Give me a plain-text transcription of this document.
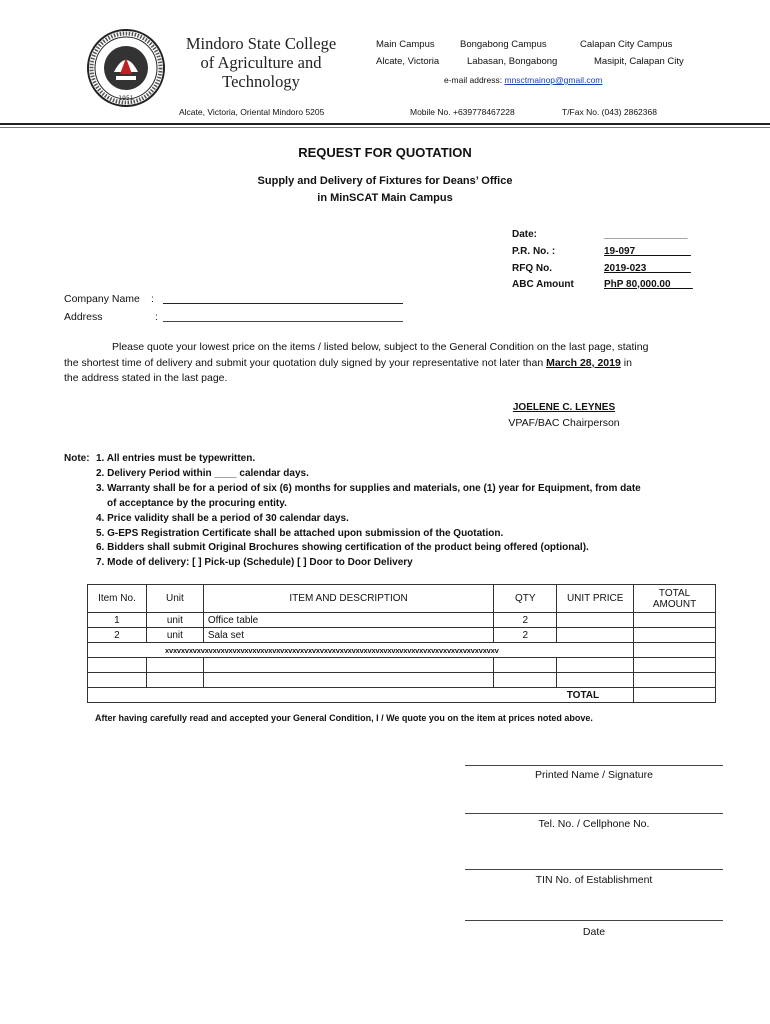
1951
Mindoro State College
of Agriculture and
Technology
Main Campus	Bongabong Campus	Calapan City Campus
Alcate, Victoria	Labasan, Bongabong	Masipit, Calapan City
e-mail address: mnsctmainop@gmail.com
Alcate, Victoria, Oriental Mindoro 5205	Mobile No. +639778467228	T/Fax No. (043) 2862368
REQUEST FOR QUOTATION
Supply and Delivery of Fixtures for Deans’ Office
in MinSCAT Main Campus
Date:	_______________
P.R. No. :	19-097__________
RFQ No.	2019-023________
ABC Amount	PhP 80,000.00____
Company Name :
Address	:
Please quote your lowest price on the items / listed below, subject to the General Condition on the last page, stating
the shortest time of delivery and submit your quotation duly signed by your representative not later than March 28, 2019 in
the address stated in the last page.
JOELENE C. LEYNES
VPAF/BAC Chairperson
Note: 1. All entries must be typewritten.
2. Delivery Period within ____ calendar days.
3. Warranty shall be for a period of six (6) months for supplies and materials, one (1) year for Equipment, from date
of acceptance by the procuring entity.
4. Price validity shall be a period of 30 calendar days.
5. G-EPS Registration Certificate shall be attached upon submission of the Quotation.
6. Bidders shall submit Original Brochures showing certification of the product being offered (optional).
7. Mode of delivery: [ ] Pick-up (Schedule) [ ] Door to Door Delivery
Item No.	Unit	ITEM AND DESCRIPTION	QTY	UNIT PRICE	TOTAL AMOUNT
1	unit	Office table	2		
2	unit	Sala set	2		
xvxvxvxvxvxvxvxvxvxvxvxvxvxvxvxvxvxvxvxvxvxvxvxvxvxvxvxvxvxvxvxvxvxvxvxvxvxvxvxvxvxv					

TOTAL					
After having carefully read and accepted your General Condition, I / We quote you on the item at prices noted above.
Printed Name / Signature
Tel. No. / Cellphone No.
TIN No. of Establishment
Date
